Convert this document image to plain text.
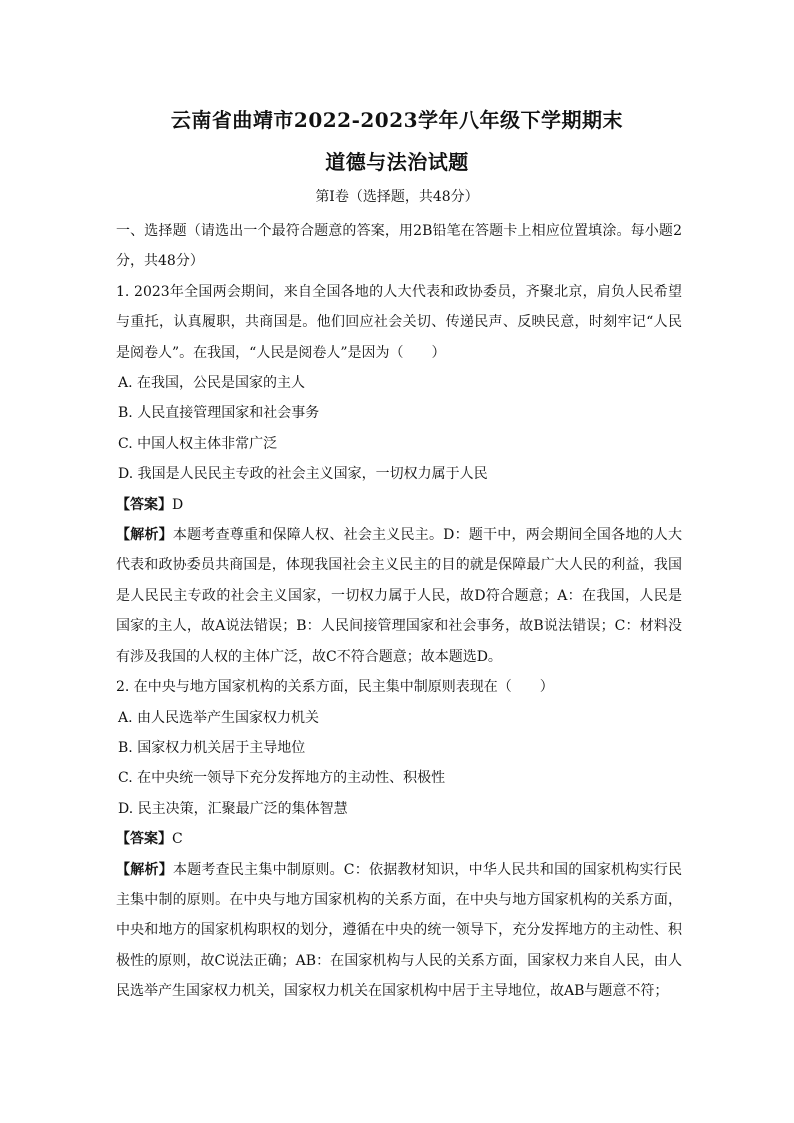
云南省曲靖市2022-2023学年八年级下学期期末
道德与法治试题
第Ⅰ卷（选择题，共48分）

一、选择题（请选出一个最符合题意的答案，用2B铅笔在答题卡上相应位置填涂。每小题2分，共48分）

1. 2023年全国两会期间，来自全国各地的人大代表和政协委员，齐聚北京，肩负人民希望与重托，认真履职，共商国是。他们回应社会关切、传递民声、反映民意，时刻牢记“人民是阅卷人”。在我国，“人民是阅卷人”是因为（　　）

A. 在我国，公民是国家的主人

B. 人民直接管理国家和社会事务

C. 中国人权主体非常广泛

D. 我国是人民民主专政的社会主义国家，一切权力属于人民

【答案】D

【解析】本题考查尊重和保障人权、社会主义民主。D：题干中，两会期间全国各地的人大代表和政协委员共商国是，体现我国社会主义民主的目的就是保障最广大人民的利益，我国是人民民主专政的社会主义国家，一切权力属于人民，故D符合题意；A：在我国，人民是国家的主人，故A说法错误；B：人民间接管理国家和社会事务，故B说法错误；C：材料没有涉及我国的人权的主体广泛，故C不符合题意；故本题选D。

2. 在中央与地方国家机构的关系方面，民主集中制原则表现在（　　）

A. 由人民选举产生国家权力机关

B. 国家权力机关居于主导地位

C. 在中央统一领导下充分发挥地方的主动性、积极性

D. 民主决策，汇聚最广泛的集体智慧

【答案】C

【解析】本题考查民主集中制原则。C：依据教材知识，中华人民共和国的国家机构实行民主集中制的原则。在中央与地方国家机构的关系方面，在中央与地方国家机构的关系方面，中央和地方的国家机构职权的划分，遵循在中央的统一领导下，充分发挥地方的主动性、积极性的原则，故C说法正确；AB：在国家机构与人民的关系方面，国家权力来自人民，由人民选举产生国家权力机关，国家权力机关在国家机构中居于主导地位，故AB与题意不符；
